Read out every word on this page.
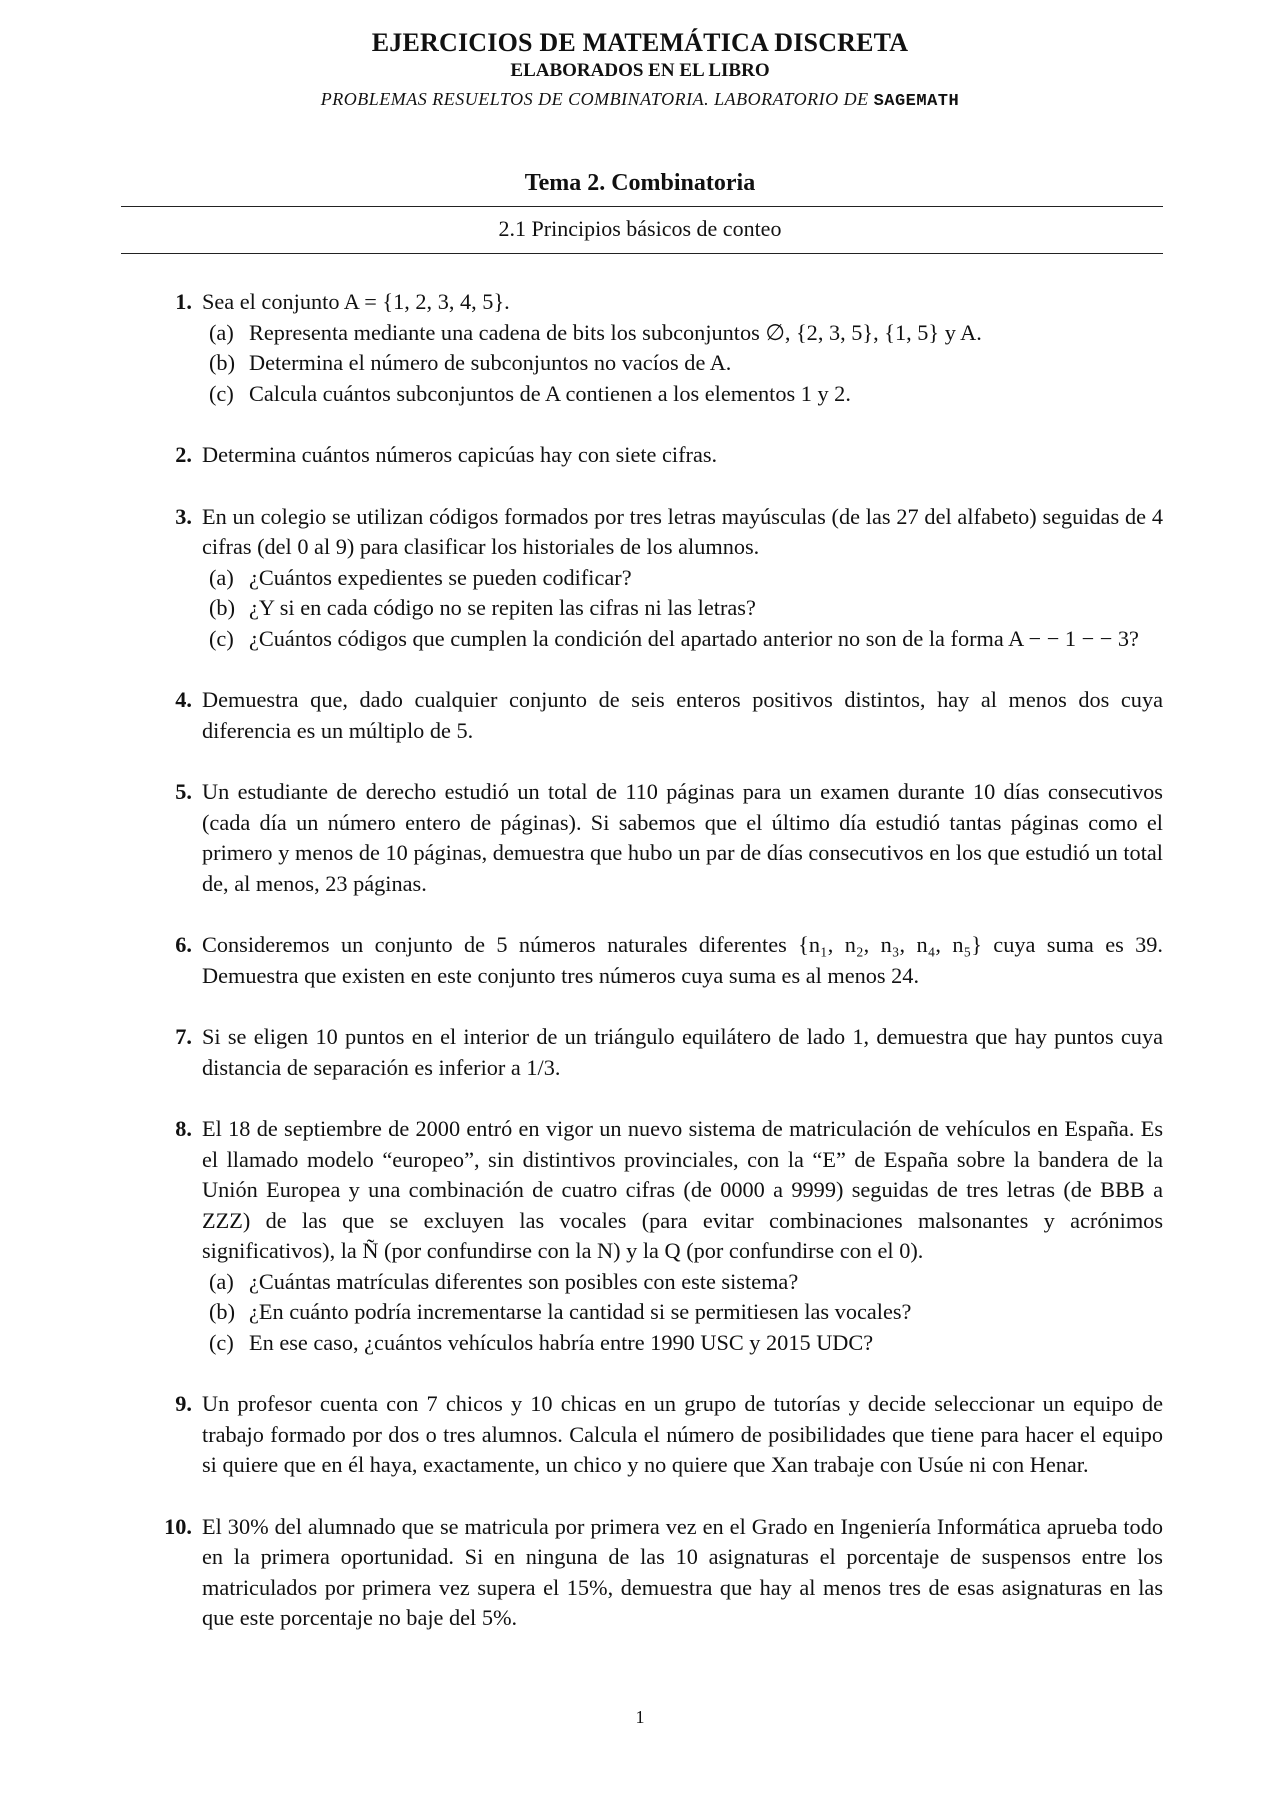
EJERCICIOS DE MATEMÁTICA DISCRETA
ELABORADOS EN EL LIBRO
PROBLEMAS RESUELTOS DE COMBINATORIA. LABORATORIO DE SAGEMATH
Tema 2. Combinatoria
2.1 Principios básicos de conteo
1. Sea el conjunto A = {1, 2, 3, 4, 5}.
(a) Representa mediante una cadena de bits los subconjuntos ∅, {2, 3, 5}, {1, 5} y A.
(b) Determina el número de subconjuntos no vacíos de A.
(c) Calcula cuántos subconjuntos de A contienen a los elementos 1 y 2.
2. Determina cuántos números capicúas hay con siete cifras.
3. En un colegio se utilizan códigos formados por tres letras mayúsculas (de las 27 del alfabeto) seguidas de 4 cifras (del 0 al 9) para clasificar los historiales de los alumnos.
(a) ¿Cuántos expedientes se pueden codificar?
(b) ¿Y si en cada código no se repiten las cifras ni las letras?
(c) ¿Cuántos códigos que cumplen la condición del apartado anterior no son de la forma A − − 1 − − 3?
4. Demuestra que, dado cualquier conjunto de seis enteros positivos distintos, hay al menos dos cuya diferencia es un múltiplo de 5.
5. Un estudiante de derecho estudió un total de 110 páginas para un examen durante 10 días consecutivos (cada día un número entero de páginas). Si sabemos que el último día estudió tantas páginas como el primero y menos de 10 páginas, demuestra que hubo un par de días consecutivos en los que estudió un total de, al menos, 23 páginas.
6. Consideremos un conjunto de 5 números naturales diferentes {n₁, n₂, n₃, n₄, n₅} cuya suma es 39. Demuestra que existen en este conjunto tres números cuya suma es al menos 24.
7. Si se eligen 10 puntos en el interior de un triángulo equilátero de lado 1, demuestra que hay puntos cuya distancia de separación es inferior a 1/3.
8. El 18 de septiembre de 2000 entró en vigor un nuevo sistema de matriculación de vehículos en España. Es el llamado modelo “europeo”, sin distintivos provinciales, con la “E” de España sobre la bandera de la Unión Europea y una combinación de cuatro cifras (de 0000 a 9999) seguidas de tres letras (de BBB a ZZZ) de las que se excluyen las vocales (para evitar combinaciones malsonantes y acrónimos significativos), la Ñ (por confundirse con la N) y la Q (por confundirse con el 0).
(a) ¿Cuántas matrículas diferentes son posibles con este sistema?
(b) ¿En cuánto podría incrementarse la cantidad si se permitiesen las vocales?
(c) En ese caso, ¿cuántos vehículos habría entre 1990 USC y 2015 UDC?
9. Un profesor cuenta con 7 chicos y 10 chicas en un grupo de tutorías y decide seleccionar un equipo de trabajo formado por dos o tres alumnos. Calcula el número de posibilidades que tiene para hacer el equipo si quiere que en él haya, exactamente, un chico y no quiere que Xan trabaje con Usúe ni con Henar.
10. El 30% del alumnado que se matricula por primera vez en el Grado en Ingeniería Informática aprueba todo en la primera oportunidad. Si en ninguna de las 10 asignaturas el porcentaje de suspensos entre los matriculados por primera vez supera el 15%, demuestra que hay al menos tres de esas asignaturas en las que este porcentaje no baje del 5%.
1
